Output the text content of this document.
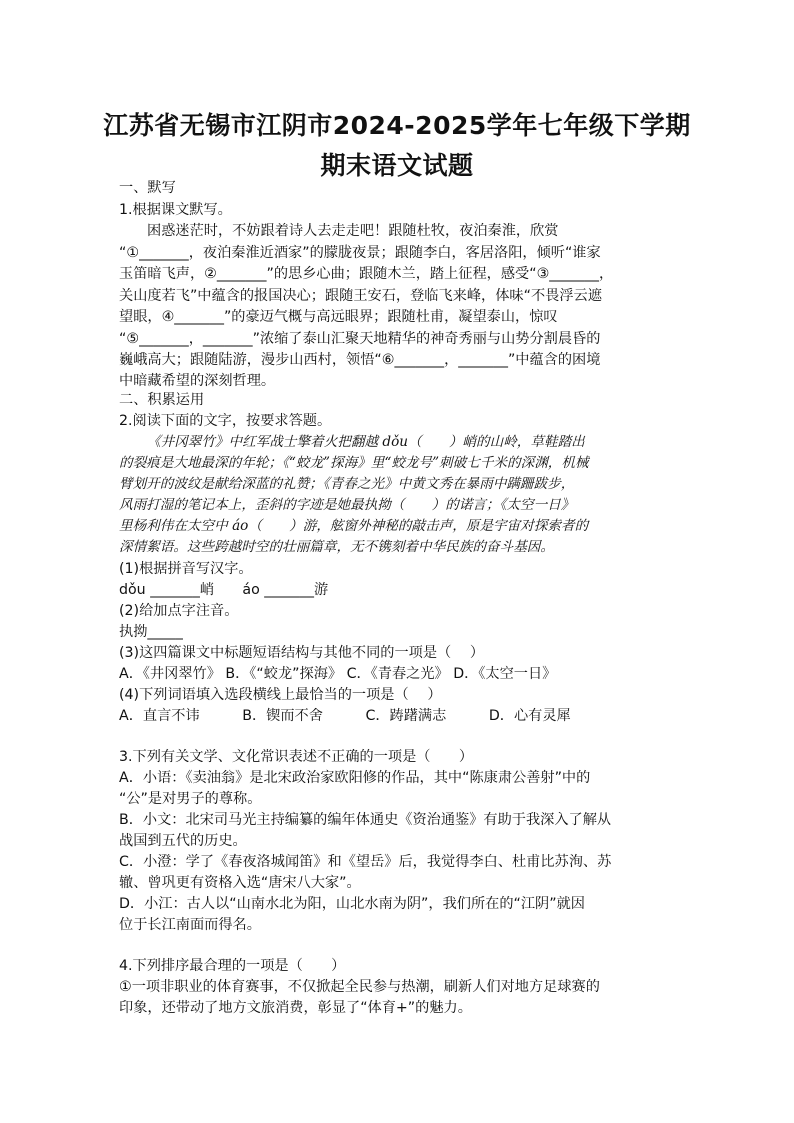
江苏省无锡市江阴市2024-2025学年七年级下学期
期末语文试题
一、默写
1.根据课文默写。
困惑迷茫时，不妨跟着诗人去走走吧！跟随杜牧，夜泊秦淮，欣赏
“①_______，夜泊秦淮近酒家”的朦胧夜景；跟随李白，客居洛阳，倾听“谁家
玉笛暗飞声，②_______”的思乡心曲；跟随木兰，踏上征程，感受“③_______，
关山度若飞”中蕴含的报国决心；跟随王安石，登临飞来峰，体味“不畏浮云遮
望眼，④_______”的豪迈气概与高远眼界；跟随杜甫，凝望泰山，惊叹
“⑤_______，_______”浓缩了泰山汇聚天地精华的神奇秀丽与山势分割晨昏的
巍峨高大；跟随陆游，漫步山西村，领悟“⑥_______，_______”中蕴含的困境
中暗藏希望的深刻哲理。
二、积累运用
2.阅读下面的文字，按要求答题。
《井冈翠竹》中红军战士擎着火把翻越 dǒu（　　）峭的山岭，草鞋踏出
的裂痕是大地最深的年轮；《“蛟龙”探海》里“蛟龙号”刺破七千米的深渊，机械
臂划开的波纹是献给深蓝的礼赞；《青春之光》中黄文秀在暴雨中蹒跚跋步，
风雨打湿的笔记本上，歪斜的字迹是她最执拗（　　）的诺言；《太空一日》
里杨利伟在太空中 áo（　　）游，舷窗外神秘的敲击声，原是宇宙对探索者的
深情絮语。这些跨越时空的壮丽篇章，无不镌刻着中华民族的奋斗基因。
(1)根据拼音写汉字。
dǒu _______峭　　áo _______游
(2)给加点字注音。
执拗_____
(3)这四篇课文中标题短语结构与其他不同的一项是（　 ）
A．《井冈翠竹》 B．《“蛟龙”探海》 C．《青春之光》 D．《太空一日》
(4)下列词语填入选段横线上最恰当的一项是（　 ）
A．直言不讳　　　B．锲而不舍　　　C．踌躇满志　　　D．心有灵犀
3.下列有关文学、文化常识表述不正确的一项是（　　）
A．小语：《卖油翁》是北宋政治家欧阳修的作品，其中“陈康肃公善射”中的
“公”是对男子的尊称。
B．小文：北宋司马光主持编纂的编年体通史《资治通鉴》有助于我深入了解从
战国到五代的历史。
C．小澄：学了《春夜洛城闻笛》和《望岳》后，我觉得李白、杜甫比苏洵、苏
辙、曾巩更有资格入选“唐宋八大家”。
D．小江：古人以“山南水北为阳，山北水南为阴”，我们所在的“江阴”就因
位于长江南面而得名。
4.下列排序最合理的一项是（　　）
①一项非职业的体育赛事，不仅掀起全民参与热潮，刷新人们对地方足球赛的
印象，还带动了地方文旅消费，彰显了“体育+”的魅力。
